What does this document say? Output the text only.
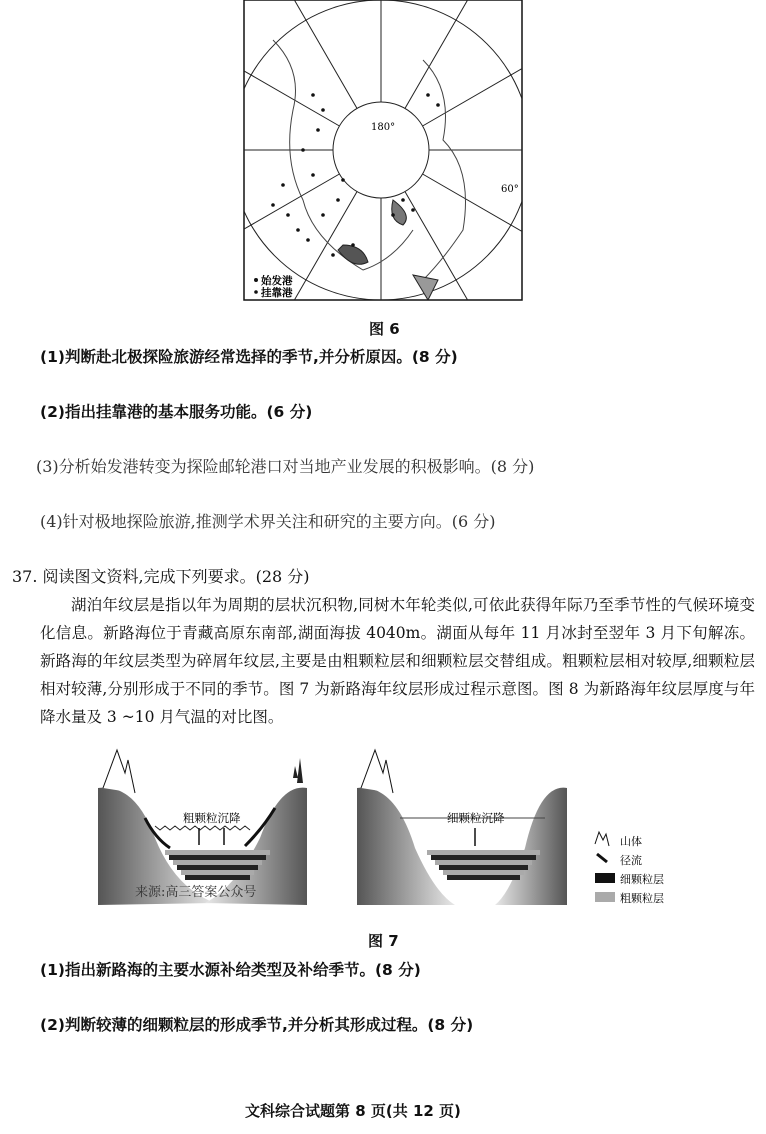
180°
60°
始发港
挂靠港
图 6
(1)判断赴北极探险旅游经常选择的季节,并分析原因。(8 分)
(2)指出挂靠港的基本服务功能。(6 分)
(3)分析始发港转变为探险邮轮港口对当地产业发展的积极影响。(8 分)
(4)针对极地探险旅游,推测学术界关注和研究的主要方向。(6 分)
37. 阅读图文资料,完成下列要求。(28 分)

湖泊年纹层是指以年为周期的层状沉积物,同树木年轮类似,可依此获得年际乃至季节性的气候环境变化信息。新路海位于青藏高原东南部,湖面海拔 4040m。湖面从每年 11 月冰封至翌年 3 月下旬解冻。新路海的年纹层类型为碎屑年纹层,主要是由粗颗粒层和细颗粒层交替组成。粗颗粒层相对较厚,细颗粒层相对较薄,分别形成于不同的季节。图 7 为新路海年纹层形成过程示意图。图 8 为新路海年纹层厚度与年降水量及 3 ~10 月气温的对比图。

粗颗粒沉降
来源:高三答案公众号
细颗粒沉降
山体
径流
细颗粒层
粗颗粒层
图 7
(1)指出新路海的主要水源补给类型及补给季节。(8 分)
(2)判断较薄的细颗粒层的形成季节,并分析其形成过程。(8 分)
文科综合试题第 8 页(共 12 页)
